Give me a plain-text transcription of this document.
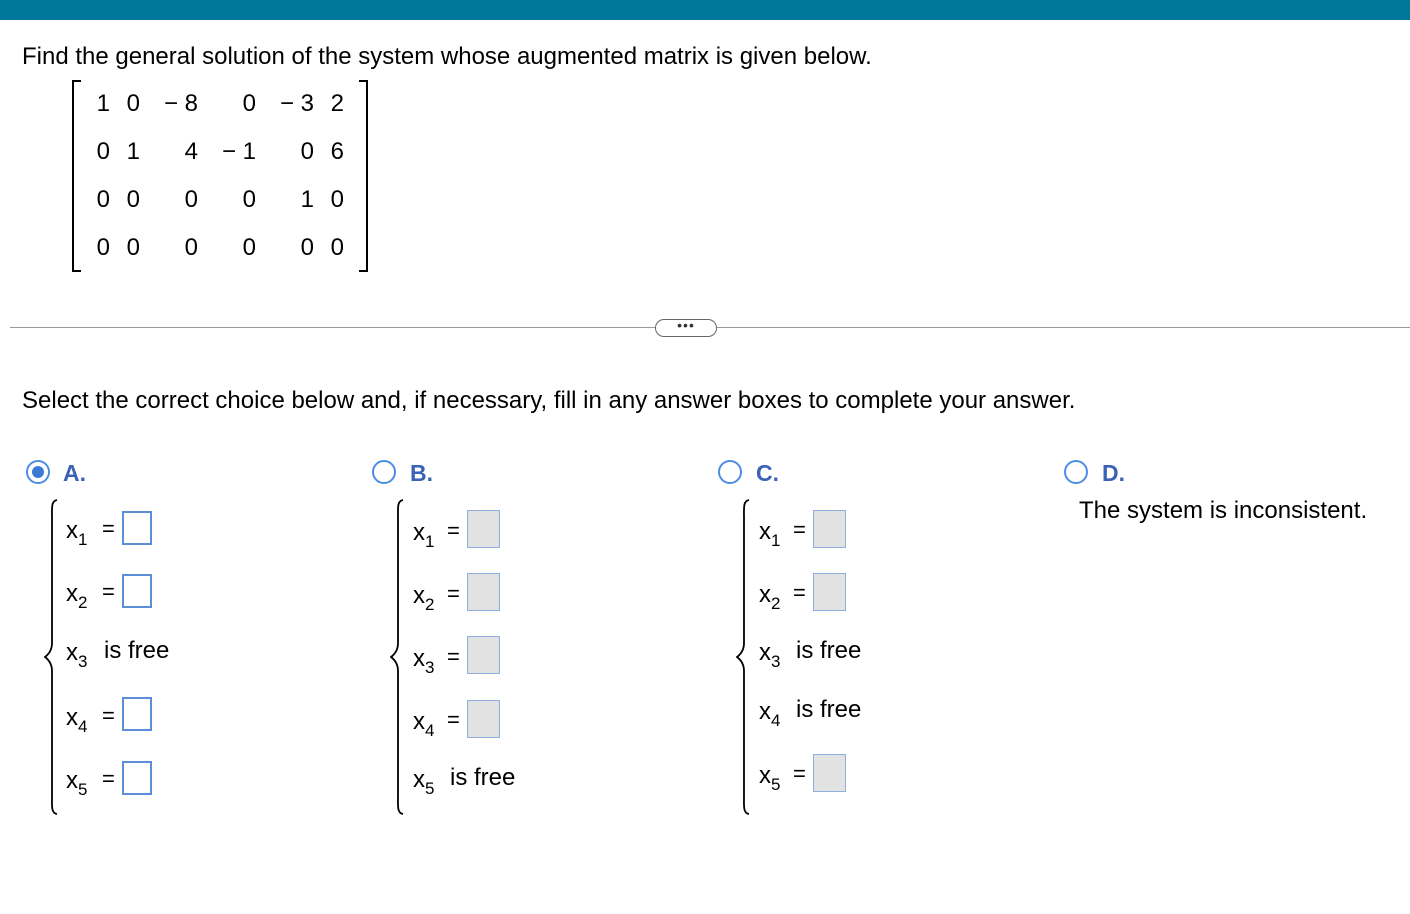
Find the general solution of the system whose augmented matrix is given below.
1 0 − 8 0 − 3 2
0 1 4 − 1 0 6
0 0 0 0 1 0
0 0 0 0 0 0
•••
Select the correct choice below and, if necessary, fill in any answer boxes to complete your answer.
A.
$x_1$ =
$x_2$ =
$x_3$ is free
$x_4$ =
$x_5$ =
B.
$x_1$ =
$x_2$ =
$x_3$ =
$x_4$ =
$x_5$ is free
C.
$x_1$ =
$x_2$ =
$x_3$ is free
$x_4$ is free
$x_5$ =
D.
The system is inconsistent.
